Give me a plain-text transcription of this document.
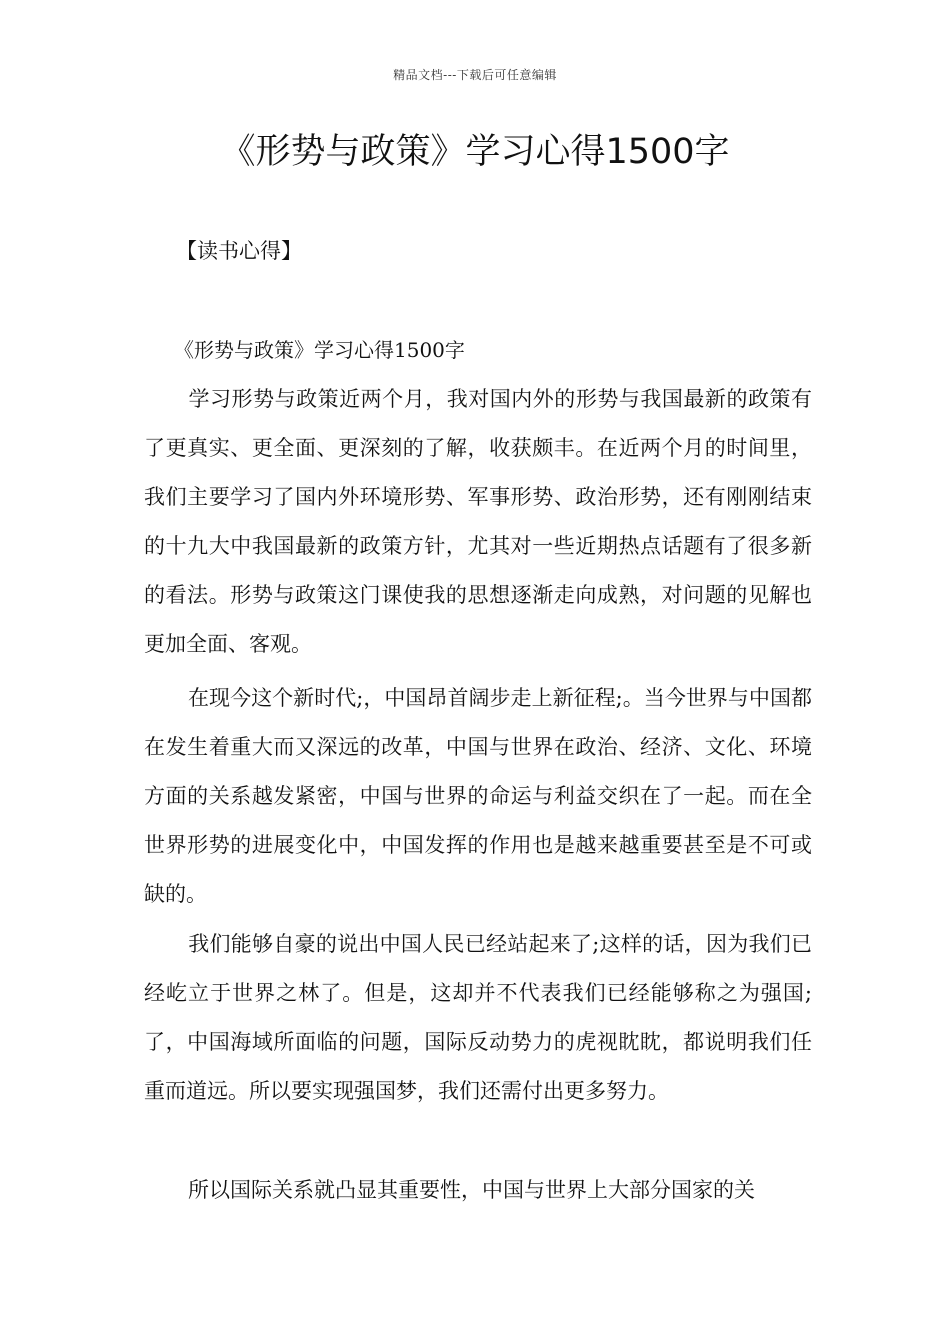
精品文档---下载后可任意编辑
《形势与政策》学习心得1500字
【读书心得】
《形势与政策》学习心得1500字

学习形势与政策近两个月，我对国内外的形势与我国最新的政策有了更真实、更全面、更深刻的了解，收获颇丰。在近两个月的时间里，我们主要学习了国内外环境形势、军事形势、政治形势，还有刚刚结束的十九大中我国最新的政策方针，尤其对一些近期热点话题有了很多新的看法。形势与政策这门课使我的思想逐渐走向成熟，对问题的见解也更加全面、客观。

在现今这个新时代;，中国昂首阔步走上新征程;。当今世界与中国都在发生着重大而又深远的改革，中国与世界在政治、经济、文化、环境方面的关系越发紧密，中国与世界的命运与利益交织在了一起。而在全世界形势的进展变化中，中国发挥的作用也是越来越重要甚至是不可或缺的。

我们能够自豪的说出中国人民已经站起来了;这样的话，因为我们已经屹立于世界之林了。但是，这却并不代表我们已经能够称之为强国;了，中国海域所面临的问题，国际反动势力的虎视眈眈，都说明我们任重而道远。所以要实现强国梦，我们还需付出更多努力。

所以国际关系就凸显其重要性，中国与世界上大部分国家的关
